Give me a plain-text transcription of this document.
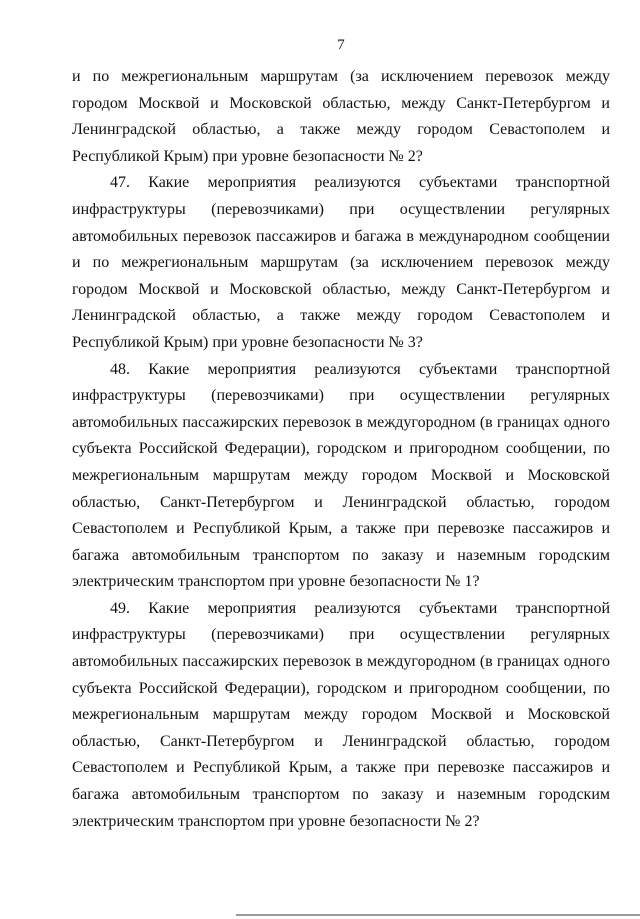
7

и по межрегиональным маршрутам (за исключением перевозок между городом Москвой и Московской областью, между Санкт-Петербургом и Ленинградской областью, а также между городом Севастополем и Республикой Крым) при уровне безопасности № 2?

47. Какие мероприятия реализуются субъектами транспортной инфраструктуры (перевозчиками) при осуществлении регулярных автомобильных перевозок пассажиров и багажа в международном сообщении и по межрегиональным маршрутам (за исключением перевозок между городом Москвой и Московской областью, между Санкт-Петербургом и Ленинградской областью, а также между городом Севастополем и Республикой Крым) при уровне безопасности № 3?

48. Какие мероприятия реализуются субъектами транспортной инфраструктуры (перевозчиками) при осуществлении регулярных автомобильных пассажирских перевозок в междугородном (в границах одного субъекта Российской Федерации), городском и пригородном сообщении, по межрегиональным маршрутам между городом Москвой и Московской областью, Санкт-Петербургом и Ленинградской областью, городом Севастополем и Республикой Крым, а также при перевозке пассажиров и багажа автомобильным транспортом по заказу и наземным городским электрическим транспортом при уровне безопасности № 1?

49. Какие мероприятия реализуются субъектами транспортной инфраструктуры (перевозчиками) при осуществлении регулярных автомобильных пассажирских перевозок в междугородном (в границах одного субъекта Российской Федерации), городском и пригородном сообщении, по межрегиональным маршрутам между городом Москвой и Московской областью, Санкт-Петербургом и Ленинградской областью, городом Севастополем и Республикой Крым, а также при перевозке пассажиров и багажа автомобильным транспортом по заказу и наземным городским электрическим транспортом при уровне безопасности № 2?
